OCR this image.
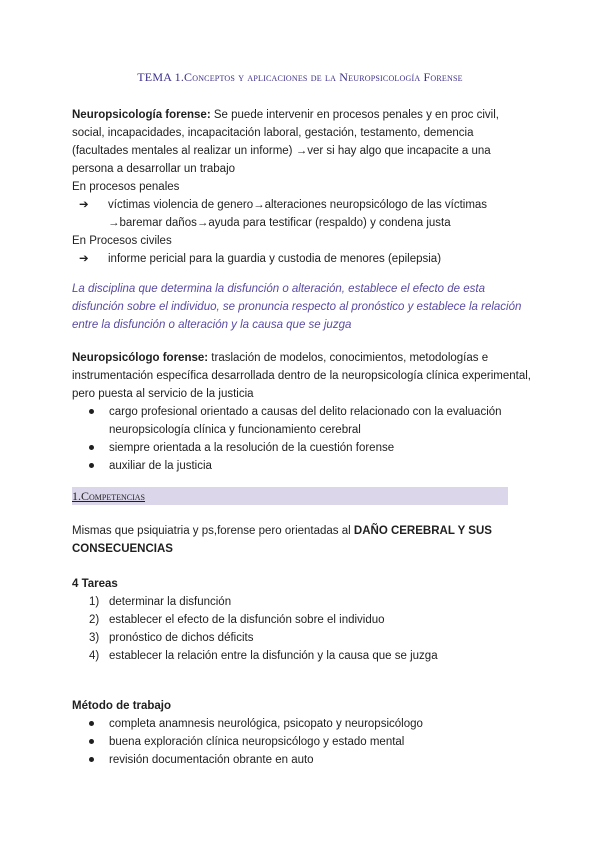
TEMA 1.Conceptos y aplicaciones de la Neuropsicología Forense
Neuropsicología forense: Se puede intervenir en procesos penales y en proc civil, social, incapacidades, incapacitación laboral, gestación, testamento, demencia (facultades mentales al realizar un informe) →ver si hay algo que incapacite a una persona a desarrollar un trabajo
En procesos penales
➔ víctimas violencia de genero→alteraciones neuropsicólogo de las víctimas
→baremar daños→ayuda para testificar (respaldo) y condena justa
En Procesos civiles
➔ informe pericial para la guardia y custodia de menores (epilepsia)
La disciplina que determina la disfunción o alteración, establece el efecto de esta disfunción sobre el individuo, se pronuncia respecto al pronóstico y establece la relación entre la disfunción o alteración y la causa que se juzga
Neuropsicólogo forense: traslación de modelos, conocimientos, metodologías e instrumentación específica desarrollada dentro de la neuropsicología clínica experimental, pero puesta al servicio de la justicia
cargo profesional orientado a causas del delito relacionado con la evaluación neuropsicología clínica y funcionamiento cerebral
siempre orientada a la resolución de la cuestión forense
auxiliar de la justicia
1.Competencias
Mismas que psiquiatria y ps,forense pero orientadas al DAÑO CEREBRAL Y SUS CONSECUENCIAS
4 Tareas
1) determinar la disfunción
2) establecer el efecto de la disfunción sobre el individuo
3) pronóstico de dichos déficits
4) establecer la relación entre la disfunción y la causa que se juzga
Método de trabajo
completa anamnesis neurológica, psicopato y neuropsicólogo
buena exploración clínica neuropsicólogo y estado mental
revisión documentación obrante en auto
